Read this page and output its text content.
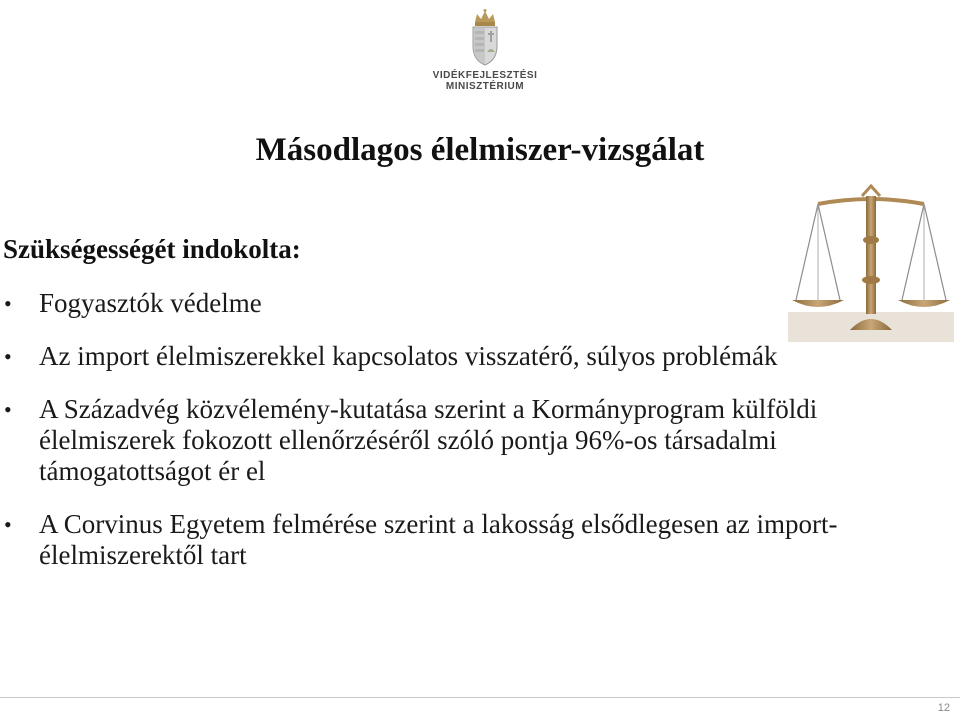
VIDÉKFEJLESZTÉSI
MINISZTÉRIUM
Másodlagos élelmiszer-vizsgálat
Szükségességét indokolta:
• Fogyasztók védelme
• Az import élelmiszerekkel kapcsolatos visszatérő, súlyos problémák
• A Századvég közvélemény-kutatása szerint a Kormányprogram külföldi élelmiszerek fokozott ellenőrzéséről szóló pontja 96%-os társadalmi támogatottságot ér el
• A Corvinus Egyetem felmérése szerint a lakosság elsődlegesen az import-élelmiszerektől tart
12
